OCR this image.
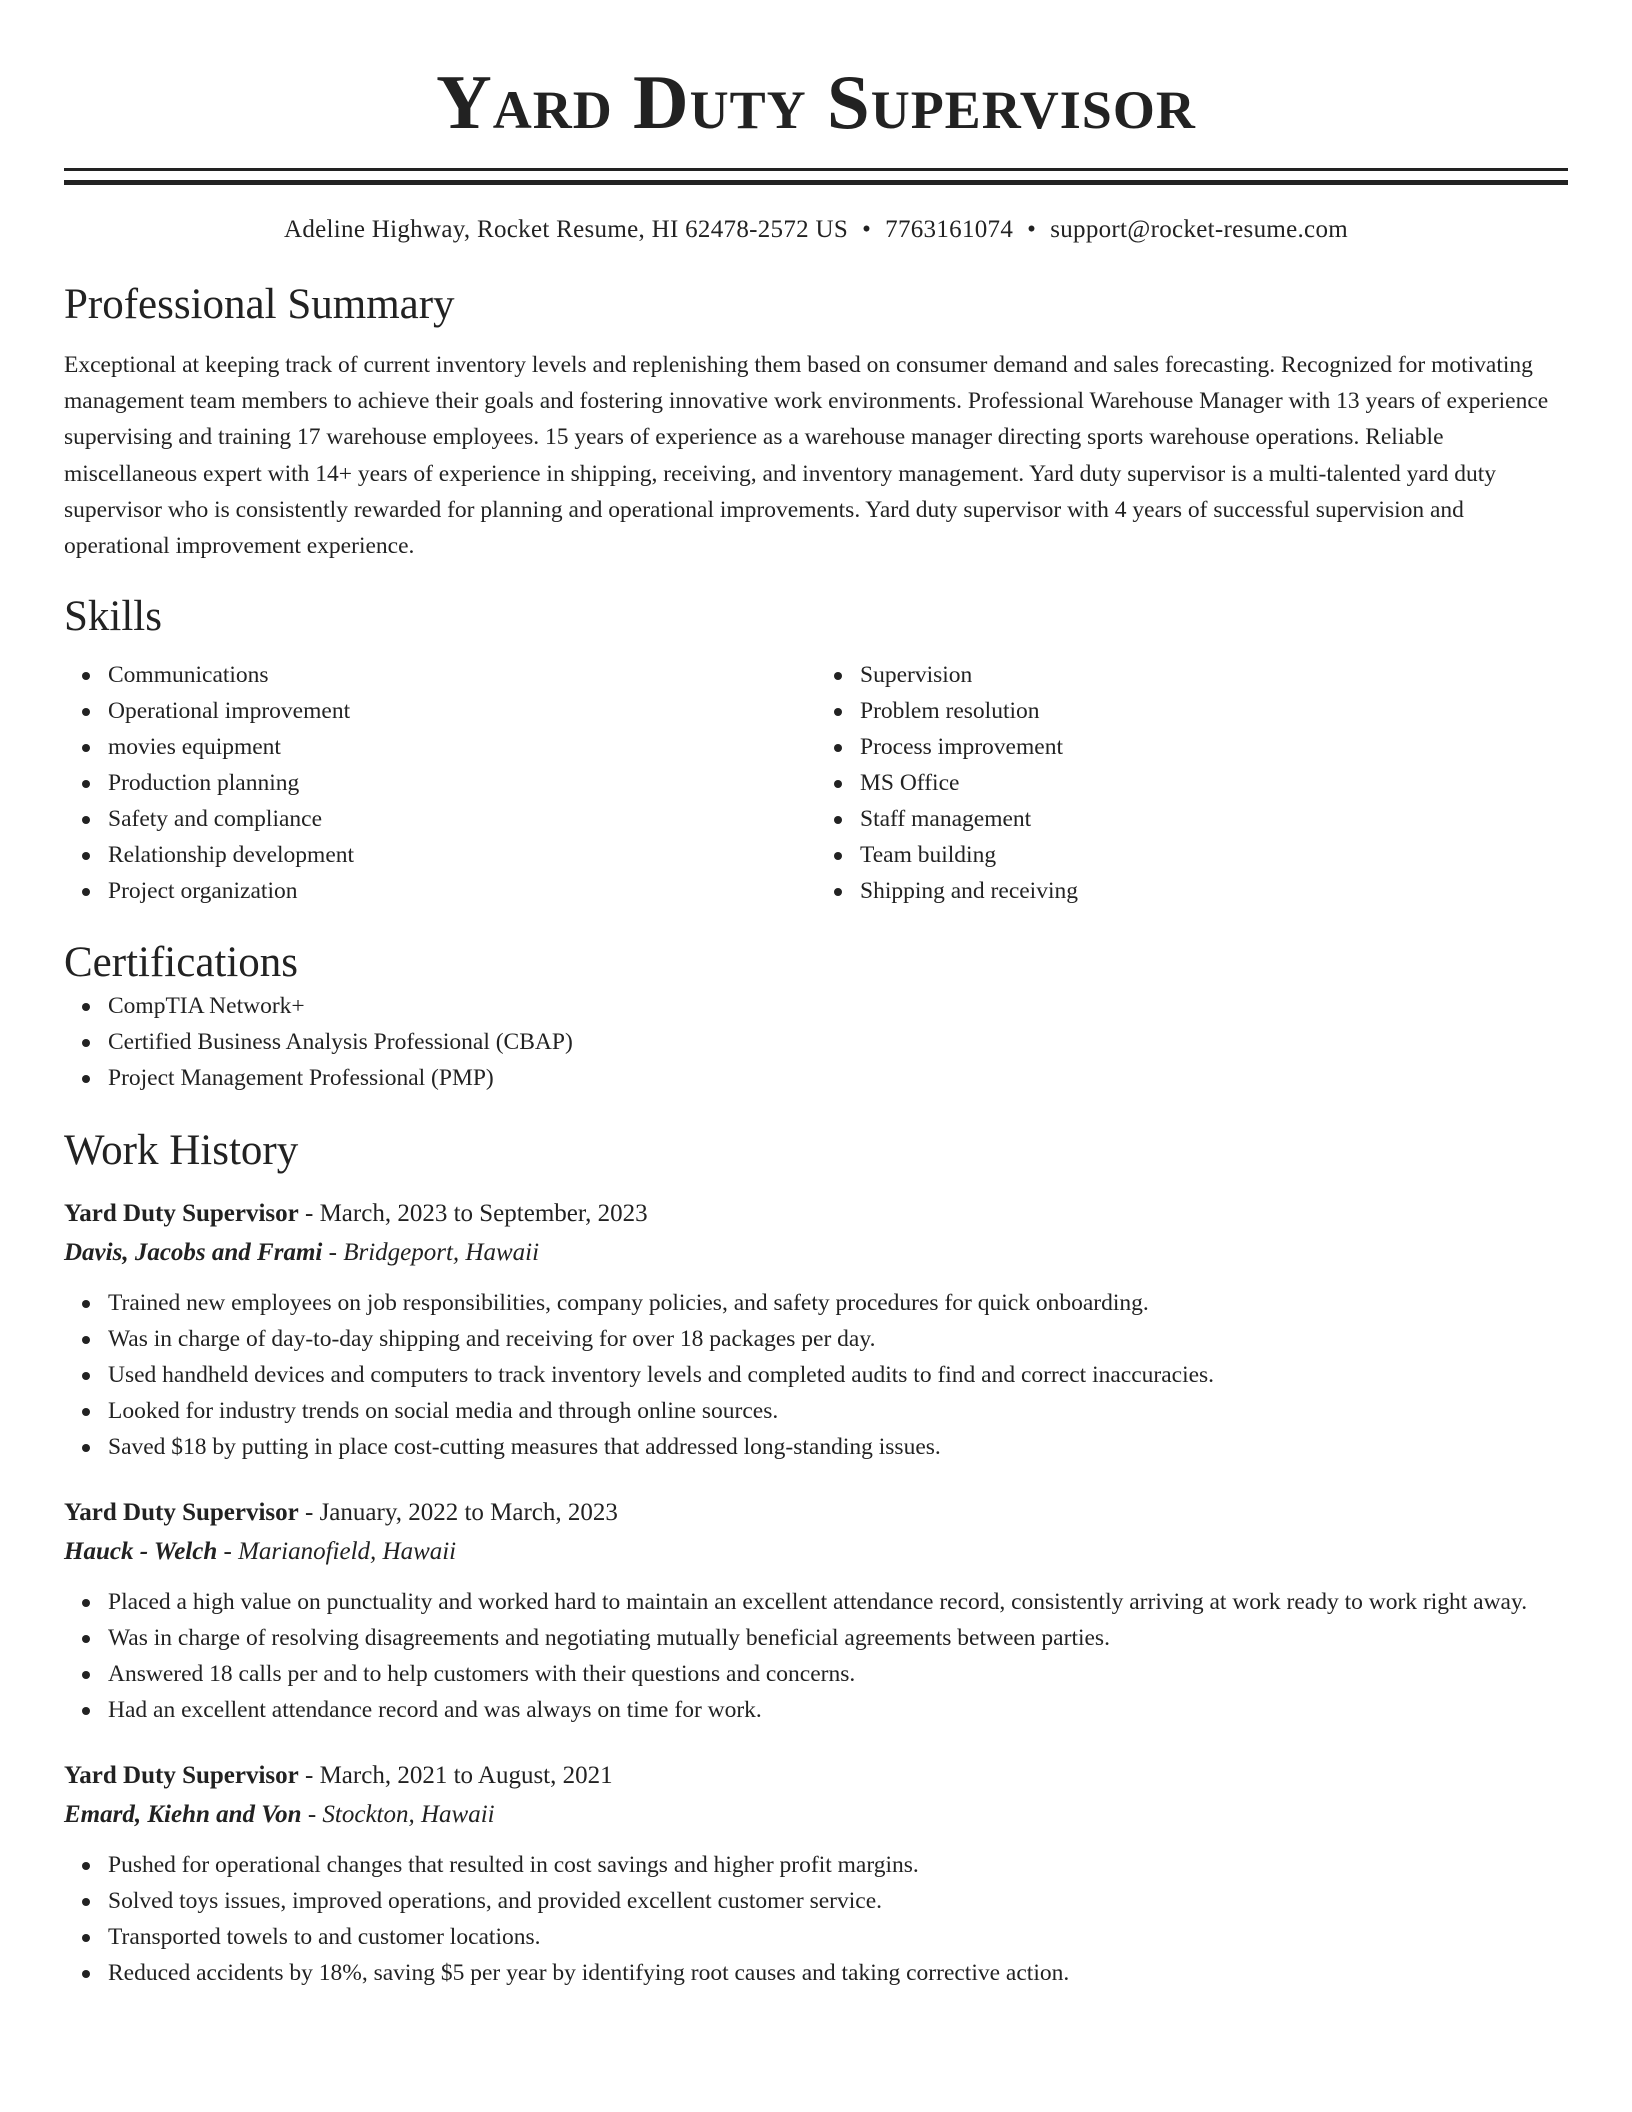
Yard Duty Supervisor
Adeline Highway, Rocket Resume, HI 62478-2572 US • 7763161074 • support@rocket-resume.com
Professional Summary

Exceptional at keeping track of current inventory levels and replenishing them based on consumer demand and sales forecasting. Recognized for motivating management team members to achieve their goals and fostering innovative work environments. Professional Warehouse Manager with 13 years of experience supervising and training 17 warehouse employees. 15 years of experience as a warehouse manager directing sports warehouse operations. Reliable miscellaneous expert with 14+ years of experience in shipping, receiving, and inventory management. Yard duty supervisor is a multi-talented yard duty supervisor who is consistently rewarded for planning and operational improvements. Yard duty supervisor with 4 years of successful supervision and operational improvement experience.

Skills
Communications
Operational improvement
movies equipment
Production planning
Safety and compliance
Relationship development
Project organization
Supervision
Problem resolution
Process improvement
MS Office
Staff management
Team building
Shipping and receiving
Certifications
CompTIA Network+
Certified Business Analysis Professional (CBAP)
Project Management Professional (PMP)
Work History
Yard Duty Supervisor - March, 2023 to September, 2023
Davis, Jacobs and Frami - Bridgeport, Hawaii
Trained new employees on job responsibilities, company policies, and safety procedures for quick onboarding.
Was in charge of day-to-day shipping and receiving for over 18 packages per day.
Used handheld devices and computers to track inventory levels and completed audits to find and correct inaccuracies.
Looked for industry trends on social media and through online sources.
Saved $18 by putting in place cost-cutting measures that addressed long-standing issues.
Yard Duty Supervisor - January, 2022 to March, 2023
Hauck - Welch - Marianofield, Hawaii
Placed a high value on punctuality and worked hard to maintain an excellent attendance record, consistently arriving at work ready to work right away.
Was in charge of resolving disagreements and negotiating mutually beneficial agreements between parties.
Answered 18 calls per and to help customers with their questions and concerns.
Had an excellent attendance record and was always on time for work.
Yard Duty Supervisor - March, 2021 to August, 2021
Emard, Kiehn and Von - Stockton, Hawaii
Pushed for operational changes that resulted in cost savings and higher profit margins.
Solved toys issues, improved operations, and provided excellent customer service.
Transported towels to and customer locations.
Reduced accidents by 18%, saving $5 per year by identifying root causes and taking corrective action.
